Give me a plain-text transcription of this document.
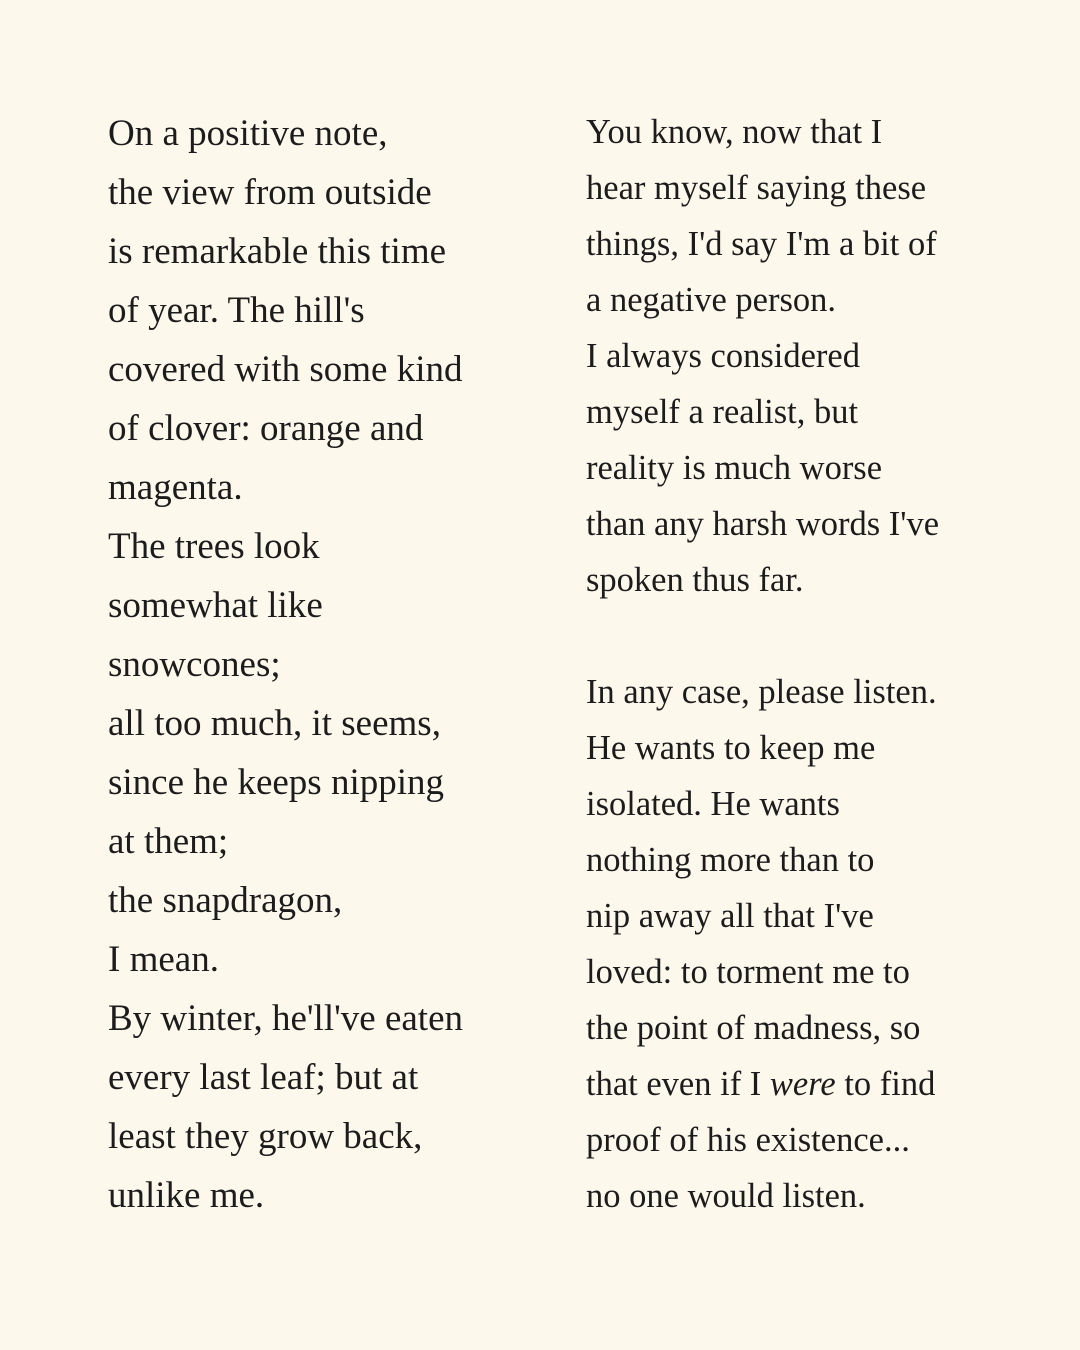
On a positive note,
the view from outside
is remarkable this time
of year. The hill's
covered with some kind
of clover: orange and
magenta.
The trees look
somewhat like
snowcones;
all too much, it seems,
since he keeps nipping
at them;
the snapdragon,
I mean.
By winter, he'll've eaten
every last leaf; but at
least they grow back,
unlike me.
You know, now that I
hear myself saying these
things, I'd say I'm a bit of
a negative person.
I always considered
myself a realist, but
reality is much worse
than any harsh words I've
spoken thus far.
In any case, please listen.
He wants to keep me
isolated. He wants
nothing more than to
nip away all that I've
loved: to torment me to
the point of madness, so
that even if I were to find
proof of his existence...
no one would listen.
